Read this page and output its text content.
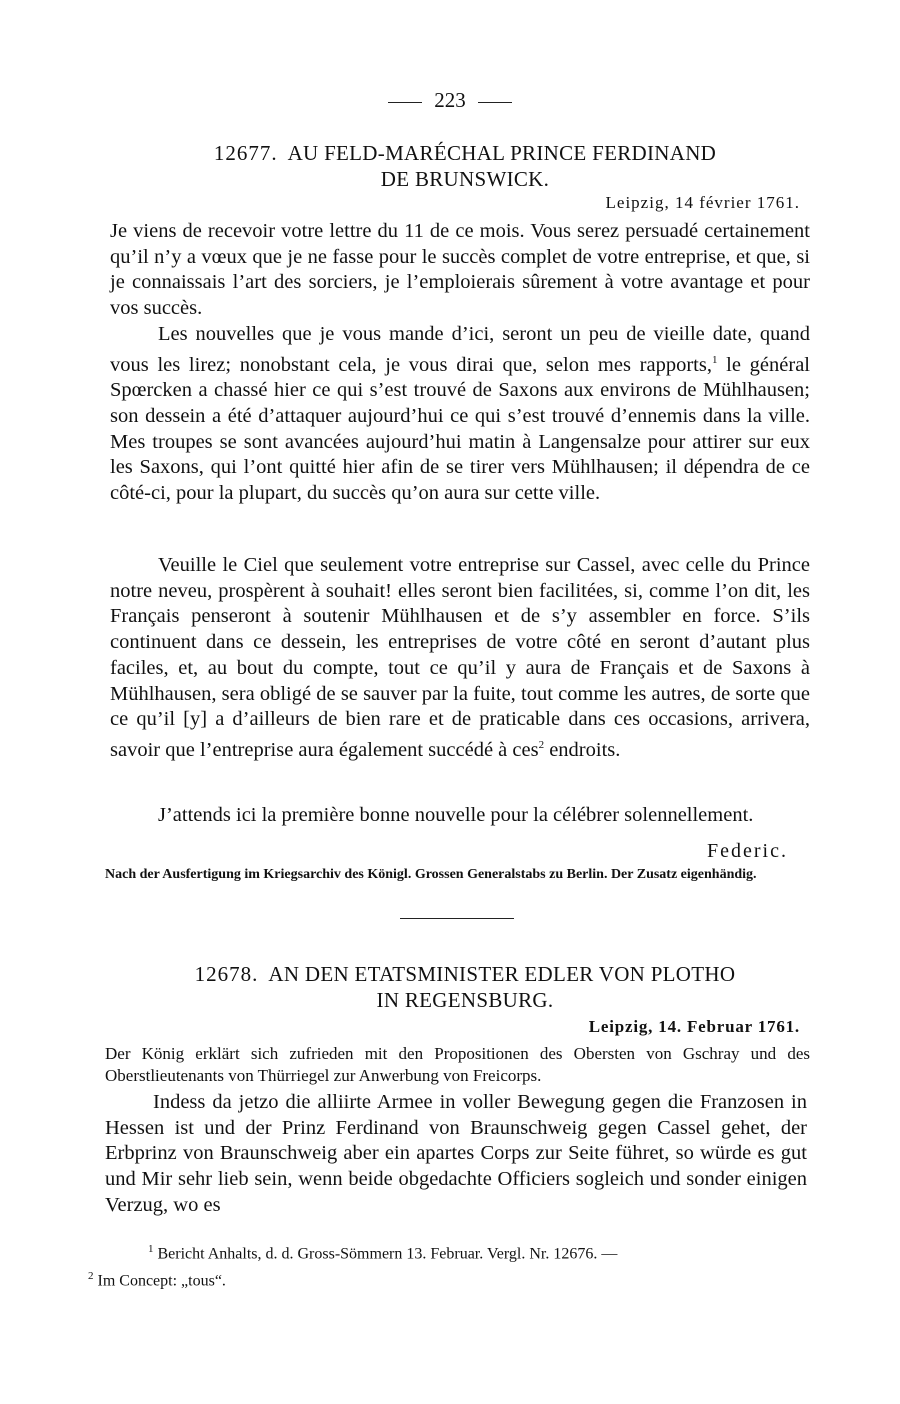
223
12677. AU FELD-MARÉCHAL PRINCE FERDINAND
DE BRUNSWICK.
Leipzig, 14 février 1761.
Je viens de recevoir votre lettre du 11 de ce mois. Vous serez persuadé certainement qu’il n’y a vœux que je ne fasse pour le succès complet de votre entreprise, et que, si je connaissais l’art des sorciers, je l’emploierais sûrement à votre avantage et pour vos succès.
Les nouvelles que je vous mande d’ici, seront un peu de vieille date, quand vous les lirez; nonobstant cela, je vous dirai que, selon mes rapports,$^1$ le général Spœrcken a chassé hier ce qui s’est trouvé de Saxons aux environs de Mühlhausen; son dessein a été d’attaquer aujourd’hui ce qui s’est trouvé d’ennemis dans la ville. Mes troupes se sont avancées aujourd’hui matin à Langensalze pour attirer sur eux les Saxons, qui l’ont quitté hier afin de se tirer vers Mühlhausen; il dépendra de ce côté-ci, pour la plupart, du succès qu’on aura sur cette ville.
Veuille le Ciel que seulement votre entreprise sur Cassel, avec celle du Prince notre neveu, prospèrent à souhait! elles seront bien facilitées, si, comme l’on dit, les Français penseront à soutenir Mühlhausen et de s’y assembler en force. S’ils continuent dans ce dessein, les entreprises de votre côté en seront d’autant plus faciles, et, au bout du compte, tout ce qu’il y aura de Français et de Saxons à Mühlhausen, sera obligé de se sauver par la fuite, tout comme les autres, de sorte que ce qu’il [y] a d’ailleurs de bien rare et de praticable dans ces occasions, arrivera, savoir que l’entreprise aura également succédé à ces$^2$ endroits.
J’attends ici la première bonne nouvelle pour la célébrer solennellement.
Federic.
Nach der Ausfertigung im Kriegsarchiv des Königl. Grossen Generalstabs zu Berlin. Der Zusatz eigenhändig.
12678. AN DEN ETATSMINISTER EDLER VON PLOTHO
IN REGENSBURG.
Leipzig, 14. Februar 1761.
Der König erklärt sich zufrieden mit den Propositionen des Obersten von Gschray und des Oberstlieutenants von Thürriegel zur Anwerbung von Freicorps.
Indess da jetzo die alliirte Armee in voller Bewegung gegen die Franzosen in Hessen ist und der Prinz Ferdinand von Braunschweig gegen Cassel gehet, der Erbprinz von Braunschweig aber ein apartes Corps zur Seite führet, so würde es gut und Mir sehr lieb sein, wenn beide obgedachte Officiers sogleich und sonder einigen Verzug, wo es
$^1$ Bericht Anhalts, d. d. Gross-Sömmern 13. Februar. Vergl. Nr. 12676. —
$^2$ Im Concept: „tous“.
